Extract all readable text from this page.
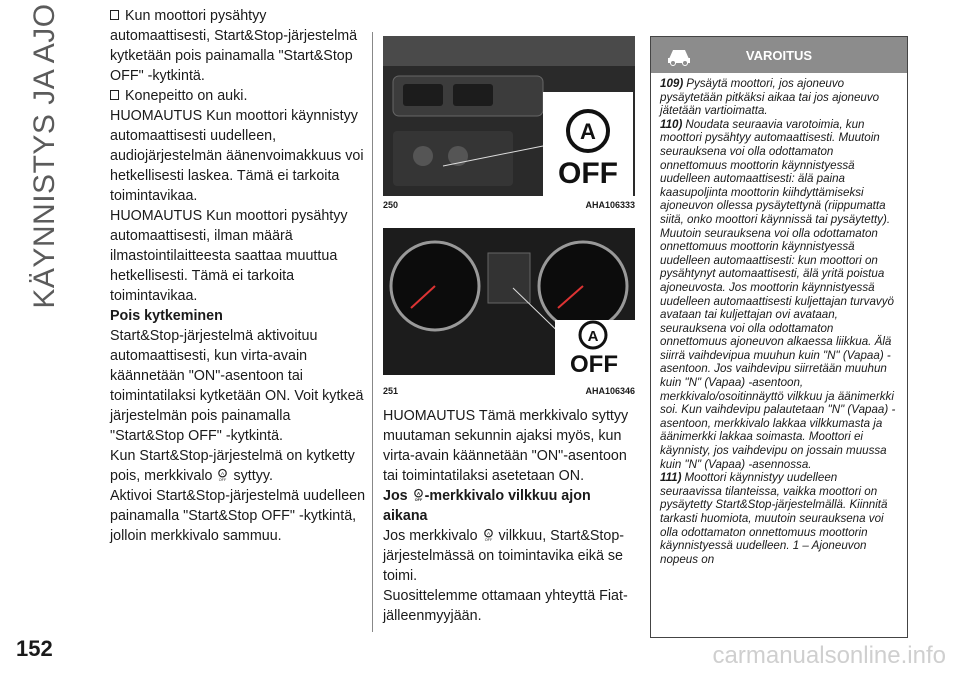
KÄYNNISTYS JA AJO	Kun moottori pysähtyy automaattisesti, Start&Stop-järjestelmä kytketään pois painamalla "Start&Stop OFF" -kytkintä.

Konepeitto on auki.

HUOMAUTUS Kun moottori käynnistyy automaattisesti uudelleen, audiojärjestelmän äänenvoimakkuus voi hetkellisesti laskea. Tämä ei tarkoita toimintavikaa.

HUOMAUTUS Kun moottori pysähtyy automaattisesti, ilman määrä ilmastointilaitteesta saattaa muuttua hetkellisesti. Tämä ei tarkoita toimintavikaa.

Pois kytkeminen

Start&Stop-järjestelmä aktivoituu automaattisesti, kun virta-avain käännetään "ON"-asentoon tai toimintatilaksi kytketään ON. Voit kytkeä järjestelmän pois painamalla "Start&Stop OFF" -kytkintä.

Kun Start&Stop-järjestelmä on kytketty pois, merkkivalo A
OFF syttyy.

Aktivoi Start&Stop-järjestelmä uudelleen painamalla "Start&Stop OFF" -kytkintä, jolloin merkkivalo sammuu.

A
OFF
250	AHA106333
A
OFF
251	AHA106346

HUOMAUTUS Tämä merkkivalo syttyy muutaman sekunnin ajaksi myös, kun virta-avain käännetään "ON"-asentoon tai toimintatilaksi asetetaan ON.

Jos A
OFF -merkkivalo vilkkuu ajon aikana

Jos merkkivalo A
OFF vilkkuu, Start&Stop-järjestelmässä on toimintavika eikä se toimi.

Suosittelemme ottamaan yhteyttä Fiat-jälleenmyyjään.

VAROITUS

109) Pysäytä moottori, jos ajoneuvo pysäytetään pitkäksi aikaa tai jos ajoneuvo jätetään vartioimatta.

110) Noudata seuraavia varotoimia, kun moottori pysähtyy automaattisesti. Muutoin seurauksena voi olla odottamaton onnettomuus moottorin käynnistyessä uudelleen automaattisesti: älä paina kaasupoljinta moottorin kiihdyttämiseksi ajoneuvon ollessa pysäytettynä (riippumatta siitä, onko moottori käynnissä tai pysäytetty). Muutoin seurauksena voi olla odottamaton onnettomuus moottorin käynnistyessä uudelleen automaattisesti: kun moottori on pysähtynyt automaattisesti, älä yritä poistua ajoneuvosta. Jos moottorin käynnistyessä uudelleen automaattisesti kuljettajan turvavyö avataan tai kuljettajan ovi avataan, seurauksena voi olla odottamaton onnettomuus ajoneuvon alkaessa liikkua. Älä siirrä vaihdevipua muuhun kuin "N" (Vapaa) -asentoon. Jos vaihdevipu siirretään muuhun kuin "N" (Vapaa) -asentoon, merkkivalo/osoitinnäyttö vilkkuu ja äänimerkki soi. Kun vaihdevipu palautetaan "N" (Vapaa) -asentoon, merkkivalo lakkaa vilkkumasta ja äänimerkki lakkaa soimasta. Moottori ei käynnisty, jos vaihdevipu on jossain muussa kuin "N" (Vapaa) -asennossa.

111) Moottori käynnistyy uudelleen seuraavissa tilanteissa, vaikka moottori on pysäytetty Start&Stop-järjestelmällä. Kiinnitä tarkasti huomiota, muutoin seurauksena voi olla odottamaton onnettomuus moottorin käynnistyessä uudelleen. 1 – Ajoneuvon nopeus on

152	carmanualsonline.info
